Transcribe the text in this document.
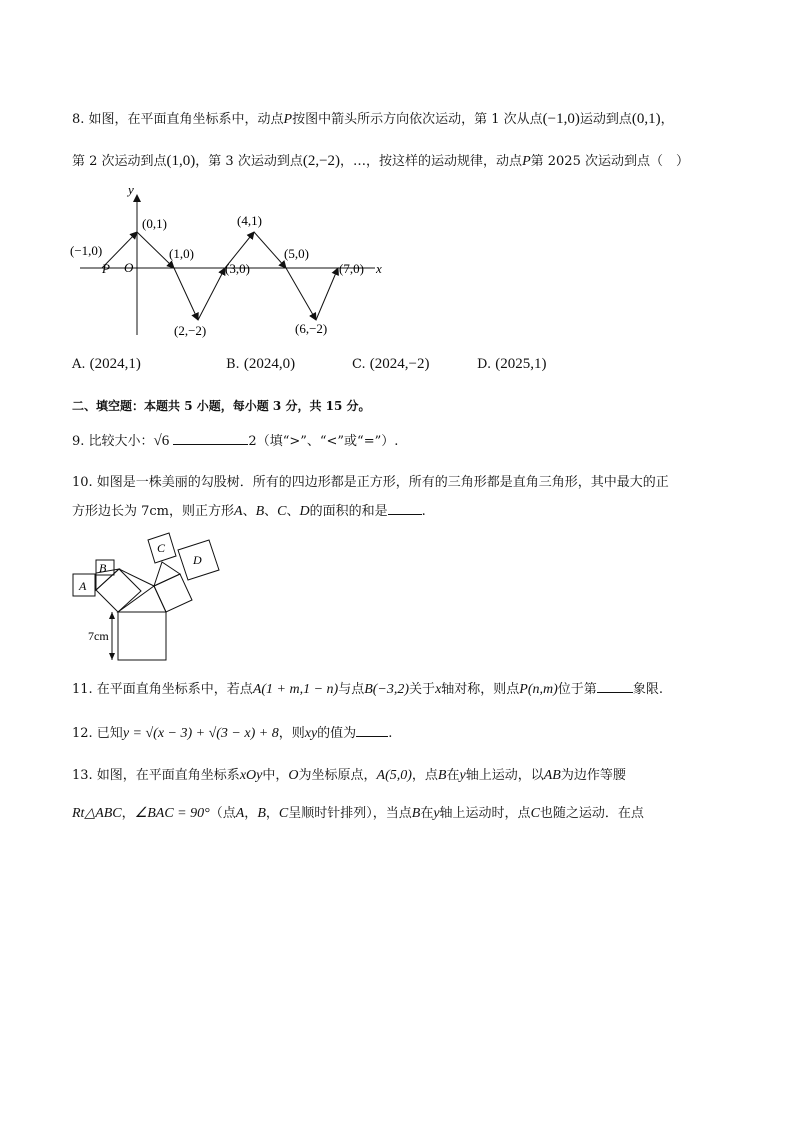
8. 如图，在平面直角坐标系中，动点P按图中箭头所示方向依次运动，第 1 次从点(−1,0)运动到点(0,1)，
第 2 次运动到点(1,0)，第 3 次运动到点(2,−2)，…，按这样的运动规律，动点P第 2025 次运动到点（　）
y
x
O
P
(−1,0)
(0,1)
(1,0)
(2,−2)
(3,0)
(4,1)
(5,0)
(6,−2)
(7,0)
A. (2024,1)	B. (2024,0)	C. (2024,−2)	D. (2025,1)
二、填空题：本题共 5 小题，每小题 3 分，共 15 分。
9. 比较大小：√6	2（填“>”、“<”或“=”）.
10. 如图是一株美丽的勾股树．所有的四边形都是正方形，所有的三角形都是直角三角形，其中最大的正
方形边长为 7cm，则正方形A、B、C、D的面积的和是	.
A
B
C
D
7cm
11. 在平面直角坐标系中，若点A(1 + m,1 − n)与点B(−3,2)关于x轴对称，则点P(n,m)位于第	象限.
12. 已知y = √(x − 3) + √(3 − x) + 8，则xy的值为 .
13. 如图，在平面直角坐标系xOy中，O为坐标原点，A(5,0)，点B在y轴上运动，以AB为边作等腰
Rt△ABC，∠BAC = 90°（点A，B，C呈顺时针排列），当点B在y轴上运动时，点C也随之运动．在点
